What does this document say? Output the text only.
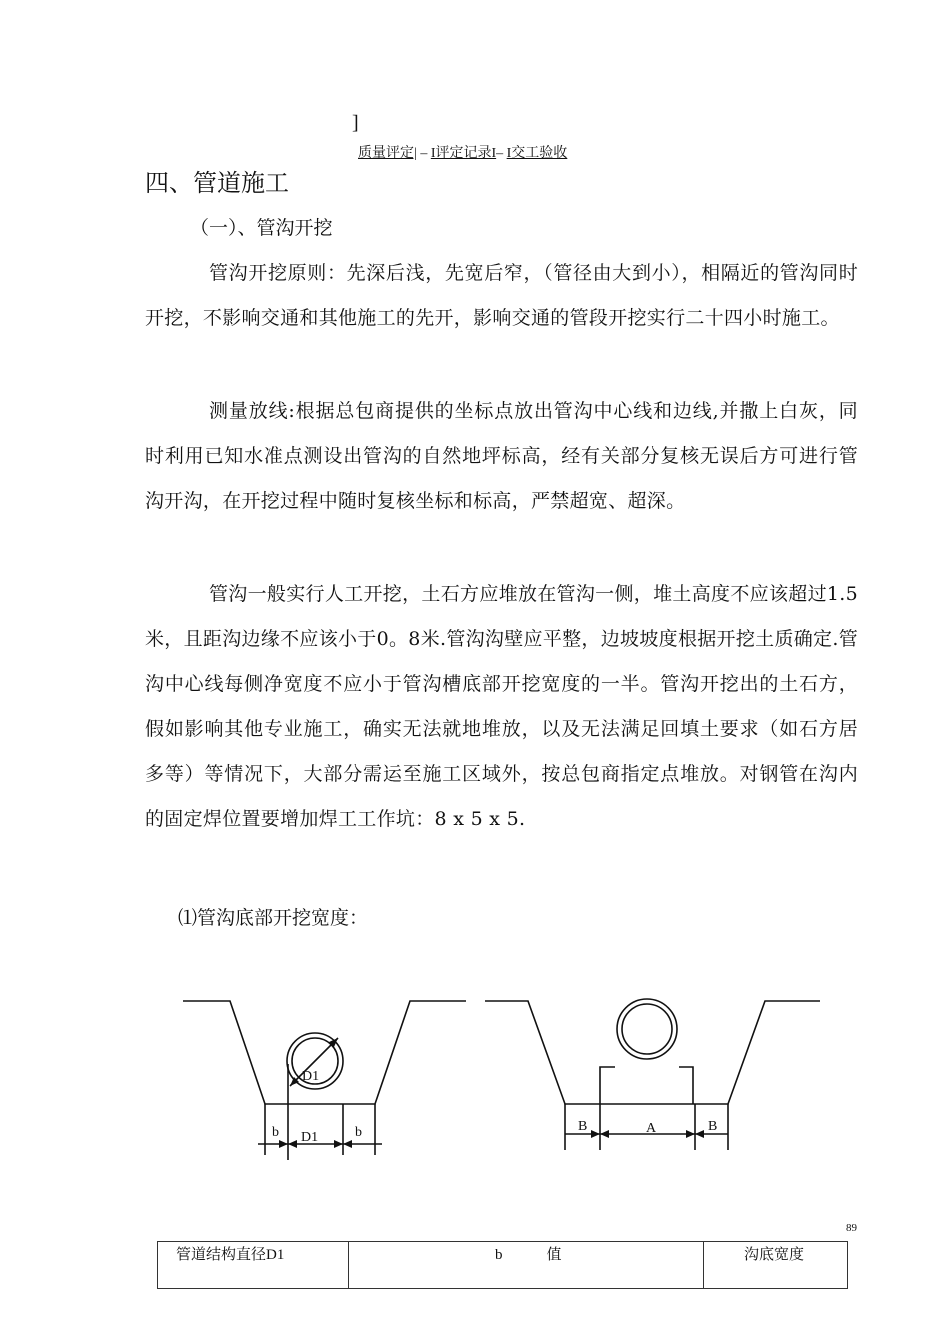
]
质量评定| – I评定记录I– I交工验收
四、管道施工
（一）、管沟开挖
管沟开挖原则：先深后浅，先宽后窄，（管径由大到小），相隔近的管沟同时开挖，不影响交通和其他施工的先开，影响交通的管段开挖实行二十四小时施工。
测量放线:根据总包商提供的坐标点放出管沟中心线和边线,并撒上白灰，同时利用已知水准点测设出管沟的自然地坪标高，经有关部分复核无误后方可进行管沟开沟，在开挖过程中随时复核坐标和标高，严禁超宽、超深。
管沟一般实行人工开挖，土石方应堆放在管沟一侧，堆土高度不应该超过1.5米，且距沟边缘不应该小于0。8米.管沟沟壁应平整，边坡坡度根据开挖土质确定.管沟中心线每侧净宽度不应小于管沟槽底部开挖宽度的一半。管沟开挖出的土石方，假如影响其他专业施工，确实无法就地堆放，以及无法满足回填土要求（如石方居多等）等情况下，大部分需运至施工区域外，按总包商指定点堆放。对钢管在沟内的固定焊位置要增加焊工工作坑：8 x 5 x 5.
⑴管沟底部开挖宽度：
D1
b D1	b	B	A	B
89
管道结构直径D1	b	值	沟底宽度
